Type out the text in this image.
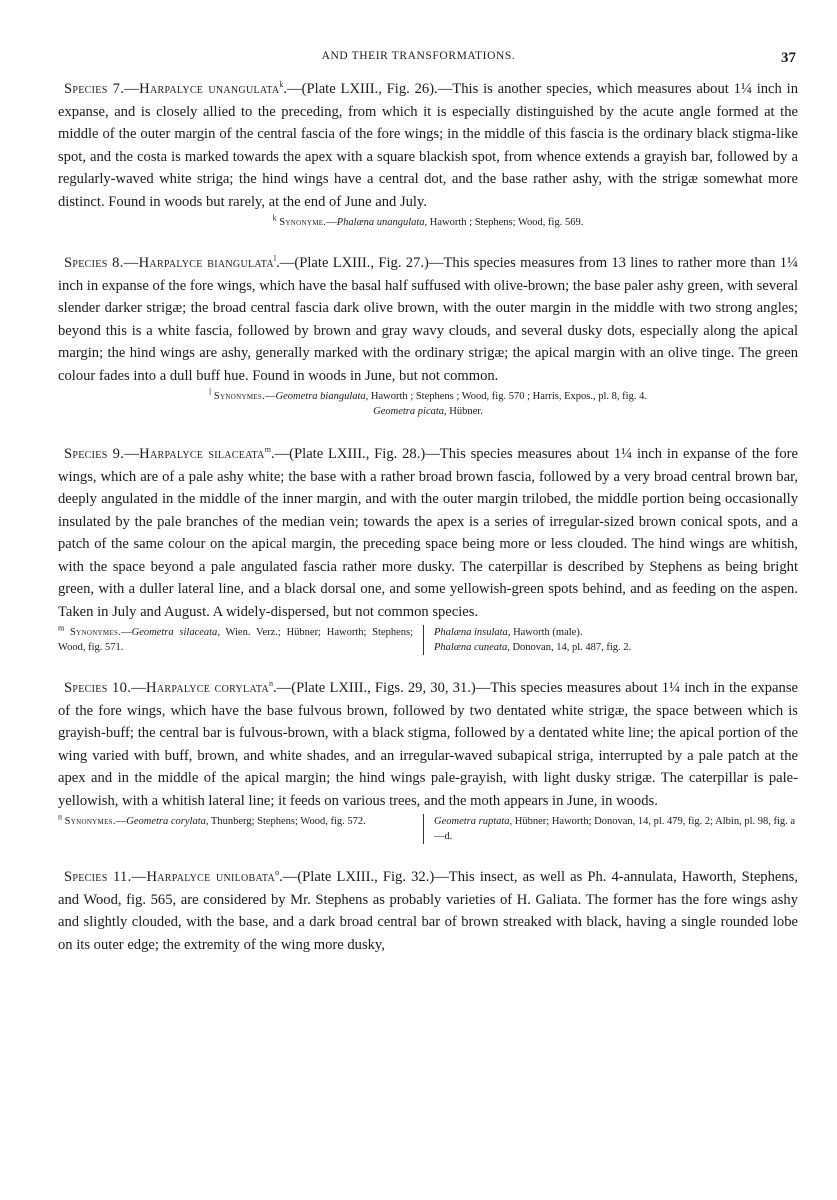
AND THEIR TRANSFORMATIONS.	37

Species 7.—Harpalyce unangulata$^k$.—(Plate LXIII., Fig. 26).—This is another species, which measures about 1¼ inch in expanse, and is closely allied to the preceding, from which it is especially distinguished by the acute angle formed at the middle of the outer margin of the central fascia of the fore wings; in the middle of this fascia is the ordinary black stigma-like spot, and the costa is marked towards the apex with a square blackish spot, from whence extends a grayish bar, followed by a regularly-waved white striga; the hind wings have a central dot, and the base rather ashy, with the strigæ somewhat more distinct. Found in woods but rarely, at the end of June and July.

$^k$ Synonyme.—Phalæna unangulata, Haworth ; Stephens; Wood, fig. 569.

Species 8.—Harpalyce biangulata$^l$.—(Plate LXIII., Fig. 27.)—This species measures from 13 lines to rather more than 1¼ inch in expanse of the fore wings, which have the basal half suffused with olive-brown; the base paler ashy green, with several slender darker strigæ; the broad central fascia dark olive brown, with the outer margin in the middle with two strong angles; beyond this is a white fascia, followed by brown and gray wavy clouds, and several dusky dots, especially along the apical margin; the hind wings are ashy, generally marked with the ordinary strigæ; the apical margin with an olive tinge. The green colour fades into a dull buff hue. Found in woods in June, but not common.

$^l$ Synonymes.—Geometra biangulata, Haworth ; Stephens ; Wood, fig. 570 ; Harris, Expos., pl. 8, fig. 4.
Geometra picata, Hübner.

Species 9.—Harpalyce silaceata$^m$.—(Plate LXIII., Fig. 28.)—This species measures about 1¼ inch in expanse of the fore wings, which are of a pale ashy white; the base with a rather broad brown fascia, followed by a very broad central brown bar, deeply angulated in the middle of the inner margin, and with the outer margin trilobed, the middle portion being occasionally insulated by the pale branches of the median vein; towards the apex is a series of irregular-sized brown conical spots, and a patch of the same colour on the apical margin, the preceding space being more or less clouded. The hind wings are whitish, with the space beyond a pale angulated fascia rather more dusky. The caterpillar is described by Stephens as being bright green, with a duller lateral line, and a black dorsal one, and some yellowish-green spots behind, and as feeding on the aspen. Taken in July and August. A widely-dispersed, but not common species.

$^m$ Synonymes.—Geometra silaceata, Wien. Verz.; Hübner; Haworth; Stephens; Wood, fig. 571.
Phalæna insulata, Haworth (male).
Phalæna cuneata, Donovan, 14, pl. 487, fig. 2.

Species 10.—Harpalyce corylata$^n$.—(Plate LXIII., Figs. 29, 30, 31.)—This species measures about 1¼ inch in the expanse of the fore wings, which have the base fulvous brown, followed by two dentated white strigæ, the space between which is grayish-buff; the central bar is fulvous-brown, with a black stigma, followed by a dentated white line; the apical portion of the wing varied with buff, brown, and white shades, and an irregular-waved subapical striga, interrupted by a pale patch at the apex and in the middle of the apical margin; the hind wings pale-grayish, with light dusky strigæ. The caterpillar is pale-yellowish, with a whitish lateral line; it feeds on various trees, and the moth appears in June, in woods.

$^n$ Synonymes.—Geometra corylata, Thunberg; Stephens; Wood, fig. 572.	Geometra ruptata, Hübner; Haworth; Donovan, 14, pl. 479, fig. 2; Albin, pl. 98, fig. a—d.

Species 11.—Harpalyce unilobata$^o$.—(Plate LXIII., Fig. 32.)—This insect, as well as Ph. 4-annulata, Haworth, Stephens, and Wood, fig. 565, are considered by Mr. Stephens as probably varieties of H. Galiata. The former has the fore wings ashy and slightly clouded, with the base, and a dark broad central bar of brown streaked with black, having a single rounded lobe on its outer edge; the extremity of the wing more dusky,
